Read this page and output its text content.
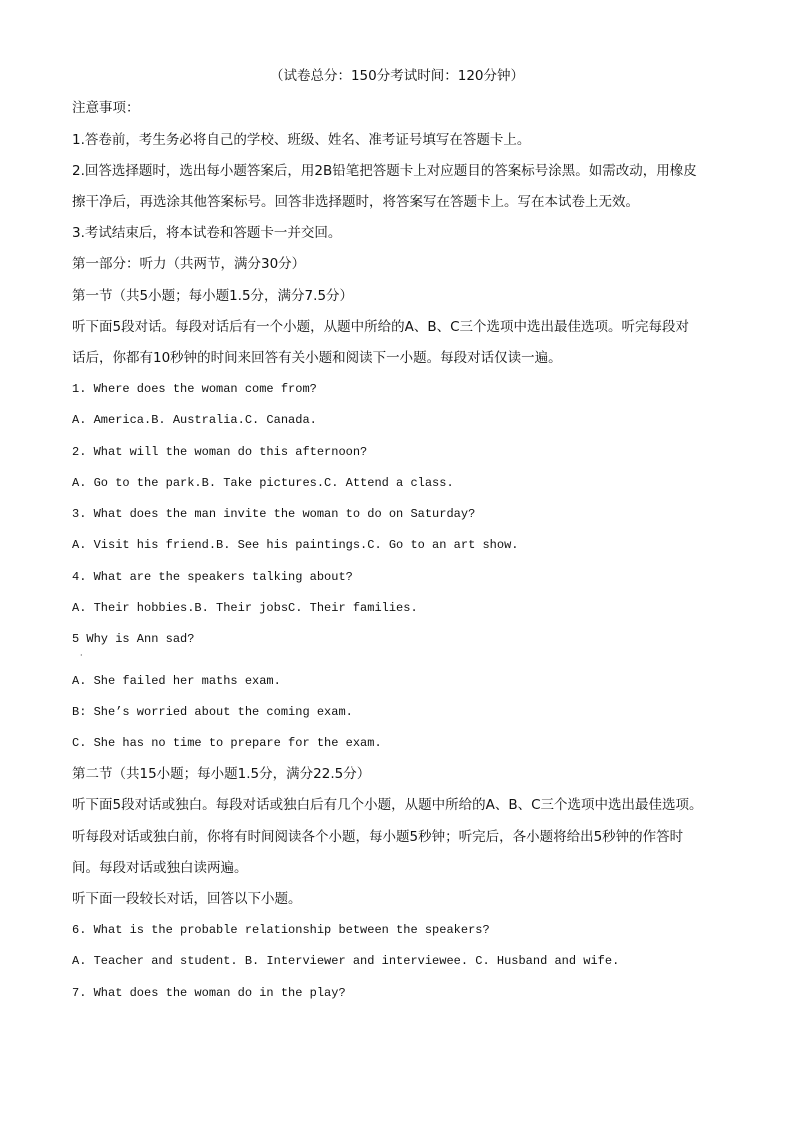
（试卷总分：150分考试时间：120分钟）
注意事项：
1.答卷前，考生务必将自己的学校、班级、姓名、准考证号填写在答题卡上。
2.回答选择题时，选出每小题答案后，用2B铅笔把答题卡上对应题目的答案标号涂黑。如需改动，用橡皮
擦干净后，再选涂其他答案标号。回答非选择题时，将答案写在答题卡上。写在本试卷上无效。
3.考试结束后，将本试卷和答题卡一并交回。
第一部分：听力（共两节，满分30分）
第一节（共5小题；每小题1.5分，满分7.5分）
听下面5段对话。每段对话后有一个小题，从题中所给的A、B、C三个选项中选出最佳选项。听完每段对
话后，你都有10秒钟的时间来回答有关小题和阅读下一小题。每段对话仅读一遍。
1. Where does the woman come from?
A. America.B. Australia.C. Canada.
2. What will the woman do this afternoon?
A. Go to the park.B. Take pictures.C. Attend a class.
3. What does the man invite the woman to do on Saturday?
A. Visit his friend.B. See his paintings.C. Go to an art show.
4. What are the speakers talking about?
A. Their hobbies.B. Their jobsC. Their families.
5 Why is Ann sad?
·
A. She failed her maths exam.
B: She’s worried about the coming exam.
C. She has no time to prepare for the exam.
第二节（共15小题；每小题1.5分，满分22.5分）
听下面5段对话或独白。每段对话或独白后有几个小题，从题中所给的A、B、C三个选项中选出最佳选项。
听每段对话或独白前，你将有时间阅读各个小题，每小题5秒钟；听完后，各小题将给出5秒钟的作答时
间。每段对话或独白读两遍。
听下面一段较长对话，回答以下小题。
6. What is the probable relationship between the speakers?
A. Teacher and student. B. Interviewer and interviewee. C. Husband and wife.
7. What does the woman do in the play?
